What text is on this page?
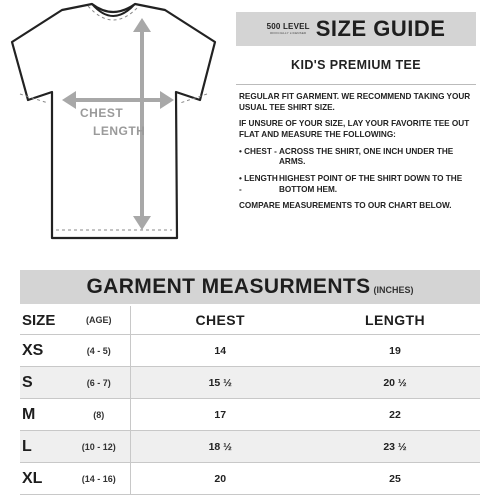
CHEST
LENGTH
500 LEVEL
OFFICIALLY LICENSED SIZE GUIDE
KID'S PREMIUM TEE

REGULAR FIT GARMENT. WE RECOMMEND TAKING YOUR USUAL TEE SHIRT SIZE.

IF UNSURE OF YOUR SIZE, LAY YOUR FAVORITE TEE OUT FLAT AND MEASURE THE FOLLOWING:

• CHEST - ACROSS THE SHIRT, ONE INCH UNDER THE ARMS.
• LENGTH -
HIGHEST POINT OF THE SHIRT DOWN TO THE BOTTOM HEM.

COMPARE MEASUREMENTS TO OUR CHART BELOW.

GARMENT MEASURMENTS (INCHES)
SIZE	(AGE)	CHEST	LENGTH
XS	(4 - 5)	14	19
S	(6 - 7)	15 ½	20 ½
M	(8)	17	22
L	(10 - 12)	18 ½	23 ½
XL	(14 - 16)	20	25
